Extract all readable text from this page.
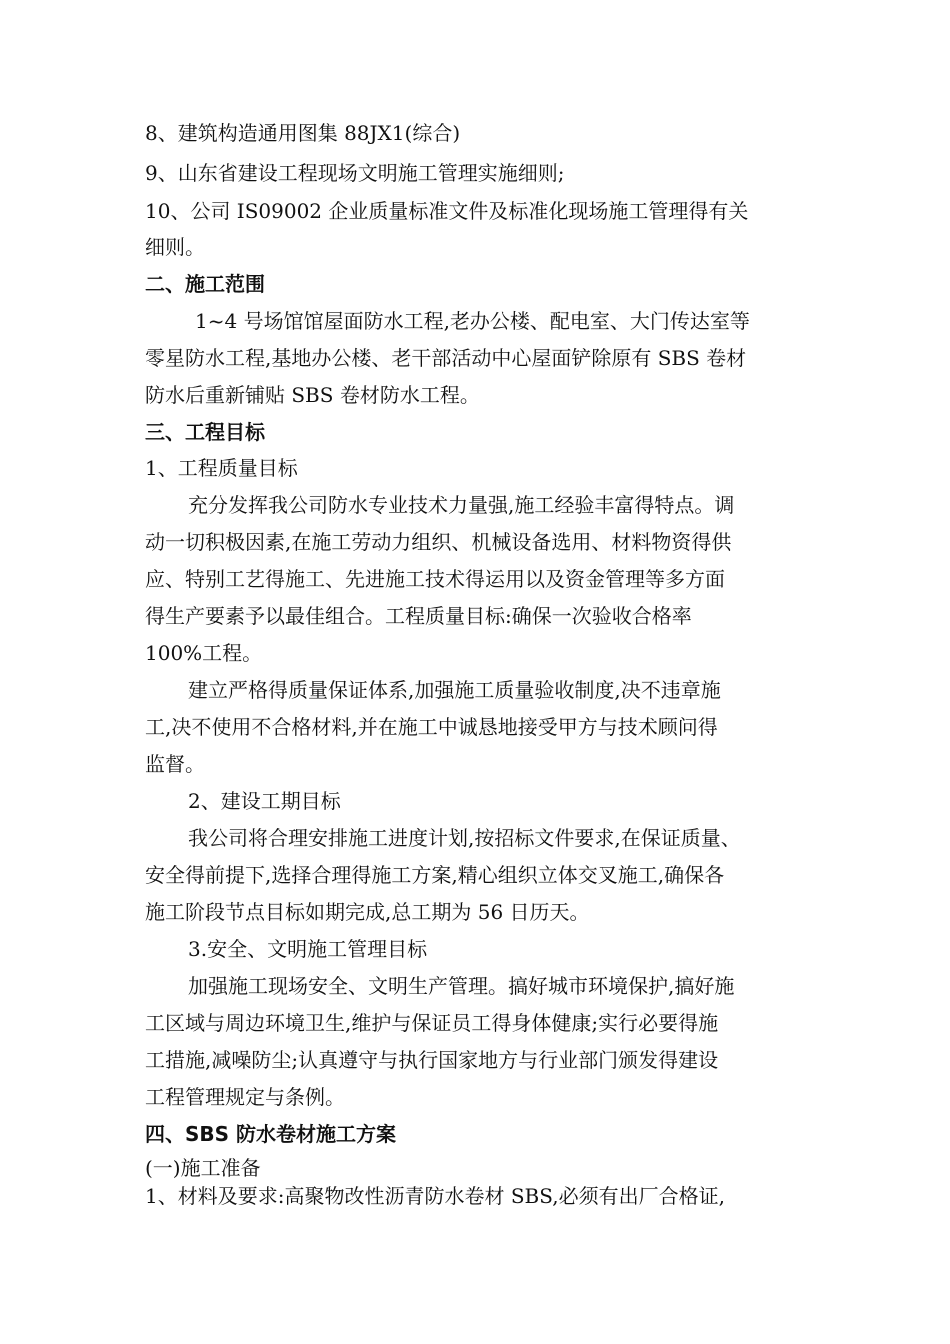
8、建筑构造通用图集 88JX1(综合)
9、山东省建设工程现场文明施工管理实施细则;
10、公司 IS09002 企业质量标准文件及标准化现场施工管理得有关
细则。
二、施工范围
1~4 号场馆馆屋面防水工程,老办公楼、配电室、大门传达室等
零星防水工程,基地办公楼、老干部活动中心屋面铲除原有 SBS 卷材
防水后重新铺贴 SBS 卷材防水工程。
三、工程目标
1、工程质量目标
充分发挥我公司防水专业技术力量强,施工经验丰富得特点。调
动一切积极因素,在施工劳动力组织、机械设备选用、材料物资得供
应、特别工艺得施工、先进施工技术得运用以及资金管理等多方面
得生产要素予以最佳组合。工程质量目标:确保一次验收合格率
100%工程。
建立严格得质量保证体系,加强施工质量验收制度,决不违章施
工,决不使用不合格材料,并在施工中诚恳地接受甲方与技术顾问得
监督。
2、建设工期目标
我公司将合理安排施工进度计划,按招标文件要求,在保证质量、
安全得前提下,选择合理得施工方案,精心组织立体交叉施工,确保各
施工阶段节点目标如期完成,总工期为 56 日历天。
3.安全、文明施工管理目标
加强施工现场安全、文明生产管理。搞好城市环境保护,搞好施
工区域与周边环境卫生,维护与保证员工得身体健康;实行必要得施
工措施,减噪防尘;认真遵守与执行国家地方与行业部门颁发得建设
工程管理规定与条例。
四、SBS 防水卷材施工方案
(一)施工准备
1、材料及要求:高聚物改性沥青防水卷材 SBS,必须有出厂合格证,
